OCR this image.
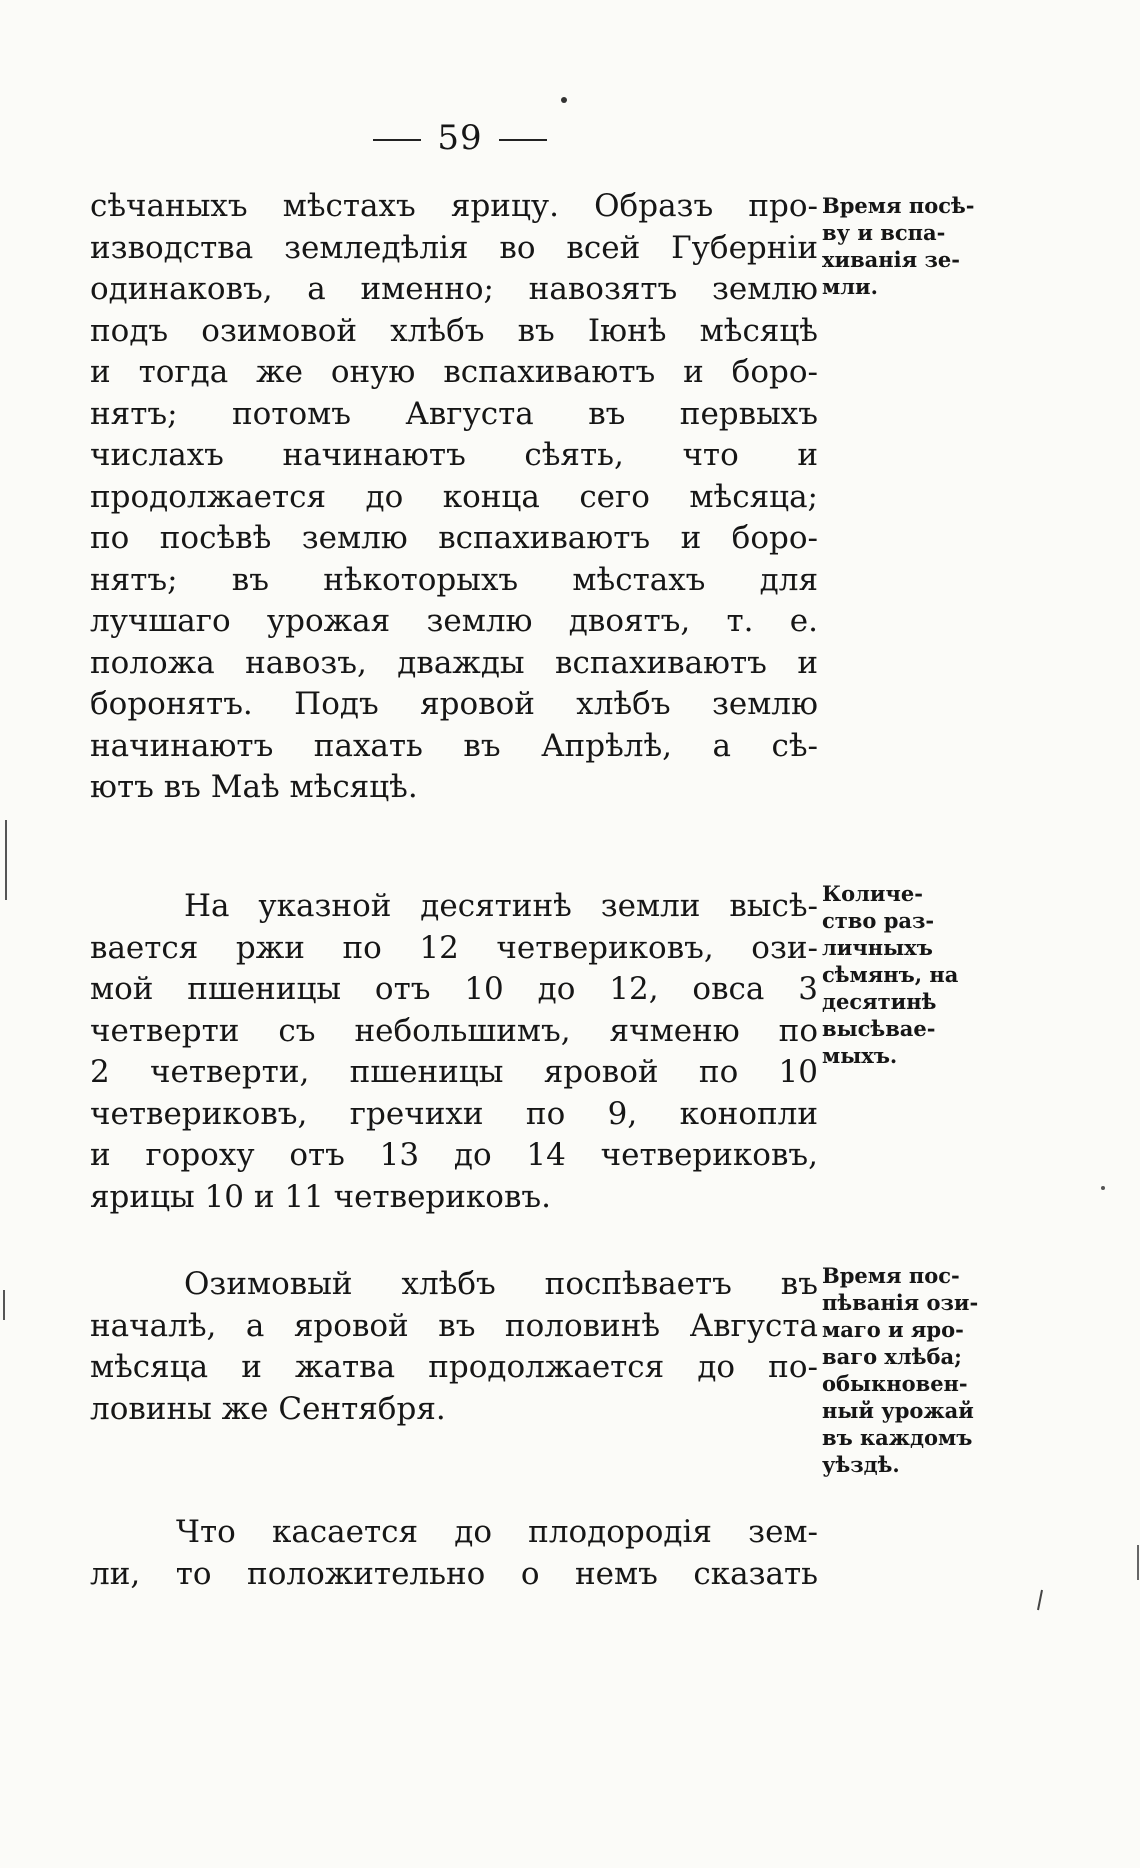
59
сѣчаныхъ мѣстахъ ярицу. Образъ про-
изводства земледѣлія во всей Губерніи
одинаковъ, а именно; навозятъ землю
подъ озимовой хлѣбъ въ Іюнѣ мѣсяцѣ
и тогда же оную вспахиваютъ и боро-
нятъ; потомъ Августа въ первыхъ
числахъ начинаютъ сѣять, что и
продолжается до конца сего мѣсяца;
по посѣвѣ землю вспахиваютъ и боро-
нятъ; въ нѣкоторыхъ мѣстахъ для
лучшаго урожая землю двоятъ, т. е.
положа навозъ, дважды вспахиваютъ и
боронятъ. Подъ яровой хлѣбъ землю
начинаютъ пахать въ Апрѣлѣ, а сѣ-
ютъ въ Маѣ мѣсяцѣ.
На указной десятинѣ земли высѣ-
вается ржи по 12 четвериковъ, ози-
мой пшеницы отъ 10 до 12, овса 3
четверти съ небольшимъ, ячменю по
2 четверти, пшеницы яровой по 10
четвериковъ, гречихи по 9, конопли
и гороху отъ 13 до 14 четвериковъ,
ярицы 10 и 11 четвериковъ.
Озимовый хлѣбъ поспѣваетъ въ
началѣ, а яровой въ половинѣ Августа
мѣсяца и жатва продолжается до по-
ловины же Сентября.
Что касается до плодородія зем-
ли, то положительно о немъ сказать
Время посѣ-
ву и вспа-
хиванія зе-
мли.
Количе-
ство раз-
личныхъ
сѣмянъ, на
десятинѣ
высѣвае-
мыхъ.
Время пос-
пѣванія ози-
маго и яро-
ваго хлѣба;
обыкновен-
ный урожай
въ каждомъ
уѣздѣ.
